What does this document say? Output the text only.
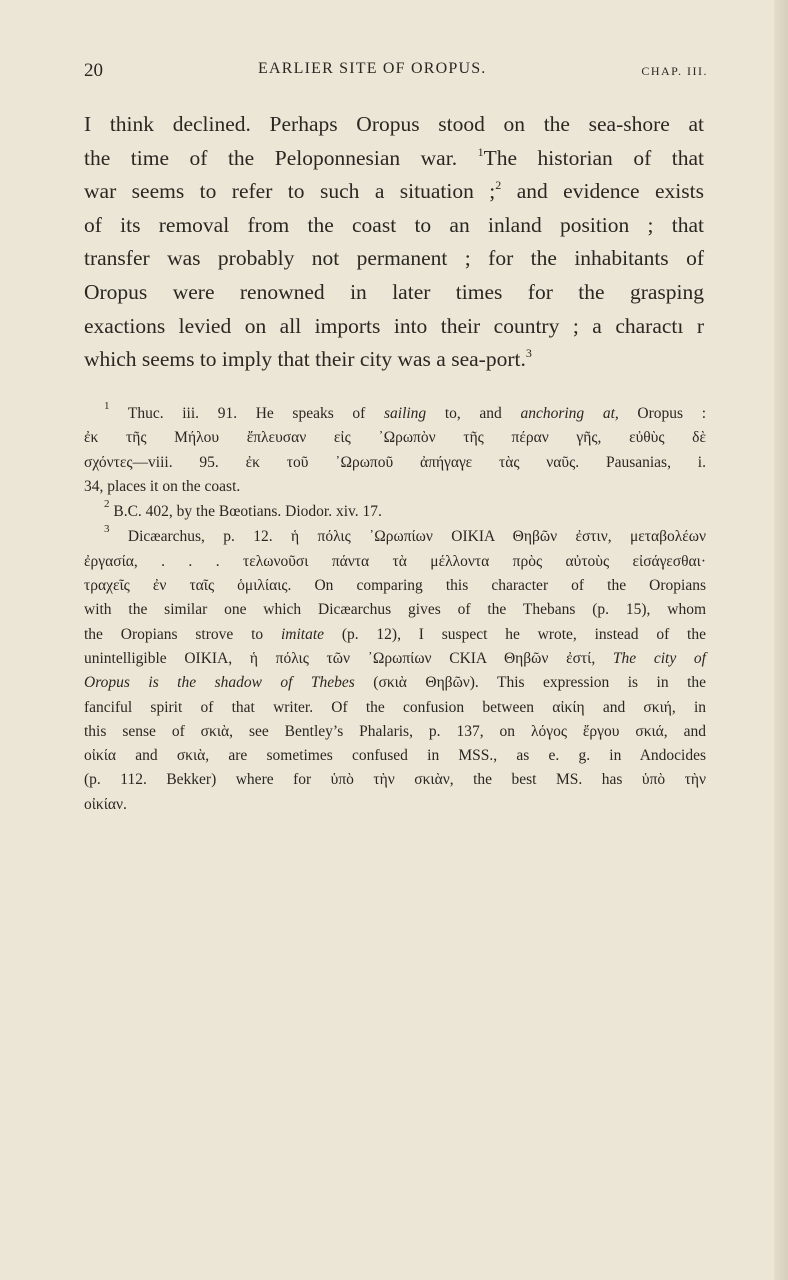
20	EARLIER SITE OF OROPUS.	CHAP. III.
I think declined. Perhaps Oropus stood on the sea-shore at
the time of the Peloponnesian war. $^1$The historian of that
war seems to refer to such a situation ;$^2$ and evidence exists
of its removal from the coast to an inland position ; that
transfer was probably not permanent ; for the inhabitants of
Oropus were renowned in later times for the grasping
exactions levied on all imports into their country ; a charactı r
which seems to imply that their city was a sea-port.$^3$
$^1$ Thuc. iii. 91. He speaks of sailing to, and anchoring at, Oropus :
ἐκ τῆς Μήλου ἔπλευσαν εἰς ᾿Ωρωπὸν τῆς πέραν γῆς, εὐθὺς δὲ
σχόντες—viii. 95. ἐκ τοῦ ᾿Ωρωποῦ ἀπήγαγε τὰς ναῦς. Pausanias, i.
34, places it on the coast.
$^2$ B.C. 402, by the Bœotians. Diodor. xiv. 17.
$^3$ Dicæarchus, p. 12. ἡ πόλις ᾿Ωρωπίων OIKIA Θηβῶν ἐστιν, μεταβολέων
ἐργασία, . . . τελωνοῦσι πάντα τὰ μέλλοντα πρὸς αὐτοὺς εἰσάγεσθαι·
τραχεῖς ἐν ταῖς ὁμιλίαις. On comparing this character of the Oropians
with the similar one which Dicæarchus gives of the Thebans (p. 15), whom
the Oropians strove to imitate (p. 12), I suspect he wrote, instead of the
unintelligible OIKIA, ἡ πόλις τῶν ᾿Ωρωπίων CKIA Θηβῶν ἐστί, The city of
Oropus is the shadow of Thebes (σκιὰ Θηβῶν). This expression is in the
fanciful spirit of that writer. Of the confusion between αἰκίη and σκιή, in
this sense of σκιὰ, see Bentley’s Phalaris, p. 137, on λόγος ἔργου σκιά, and
οἰκία and σκιὰ, are sometimes confused in MSS., as e. g. in Andocides
(p. 112. Bekker) where for ὑπὸ τὴν σκιὰν, the best MS. has ὑπὸ τὴν
οἰκίαν.
